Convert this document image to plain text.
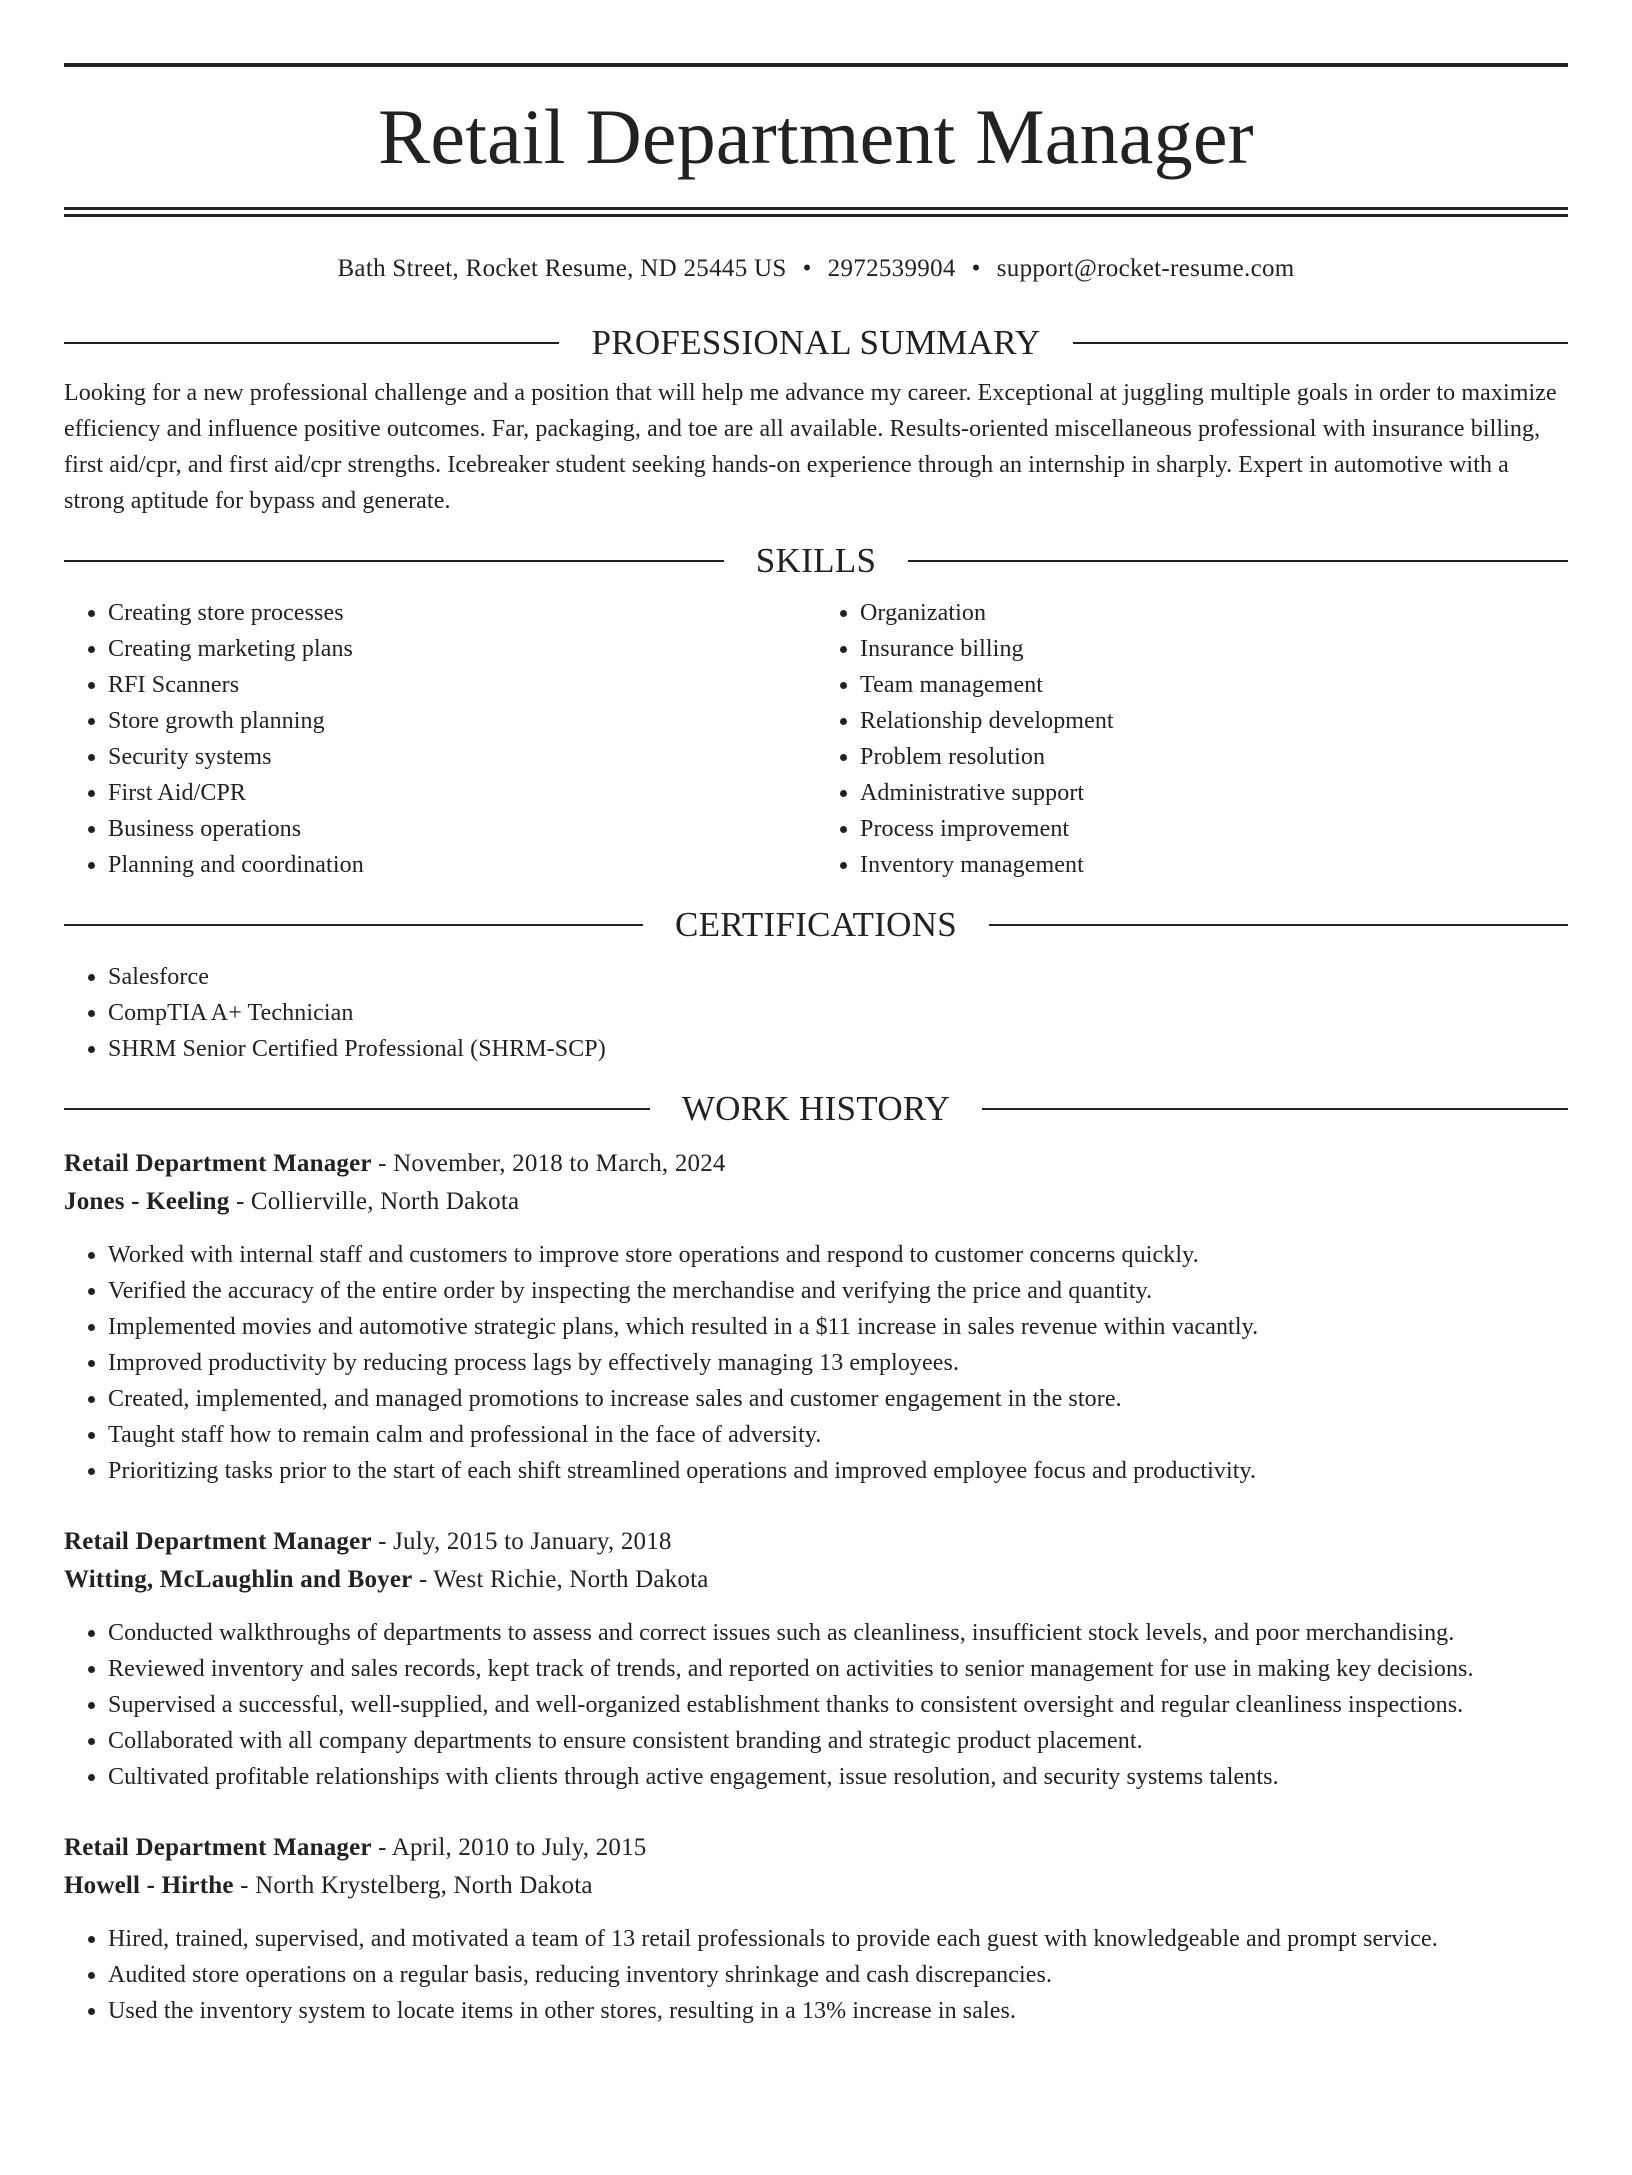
Retail Department Manager
Bath Street, Rocket Resume, ND 25445 US • 2972539904 • support@rocket-resume.com
PROFESSIONAL SUMMARY

Looking for a new professional challenge and a position that will help me advance my career. Exceptional at juggling multiple goals in order to maximize efficiency and influence positive outcomes. Far, packaging, and toe are all available. Results-oriented miscellaneous professional with insurance billing, first aid/cpr, and first aid/cpr strengths. Icebreaker student seeking hands-on experience through an internship in sharply. Expert in automotive with a strong aptitude for bypass and generate.

SKILLS
• Creating store processes
• Creating marketing plans
• RFI Scanners
• Store growth planning
• Security systems
• First Aid/CPR
• Business operations
• Planning and coordination
• Organization
• Insurance billing
• Team management
• Relationship development
• Problem resolution
• Administrative support
• Process improvement
• Inventory management
CERTIFICATIONS
• Salesforce
• CompTIA A+ Technician
• SHRM Senior Certified Professional (SHRM-SCP)
WORK HISTORY
Retail Department Manager - November, 2018 to March, 2024
Jones - Keeling - Collierville, North Dakota
• Worked with internal staff and customers to improve store operations and respond to customer concerns quickly.
• Verified the accuracy of the entire order by inspecting the merchandise and verifying the price and quantity.
• Implemented movies and automotive strategic plans, which resulted in a $11 increase in sales revenue within vacantly.
• Improved productivity by reducing process lags by effectively managing 13 employees.
• Created, implemented, and managed promotions to increase sales and customer engagement in the store.
• Taught staff how to remain calm and professional in the face of adversity.
• Prioritizing tasks prior to the start of each shift streamlined operations and improved employee focus and productivity.
Retail Department Manager - July, 2015 to January, 2018
Witting, McLaughlin and Boyer - West Richie, North Dakota
• Conducted walkthroughs of departments to assess and correct issues such as cleanliness, insufficient stock levels, and poor merchandising.
• Reviewed inventory and sales records, kept track of trends, and reported on activities to senior management for use in making key decisions.
• Supervised a successful, well-supplied, and well-organized establishment thanks to consistent oversight and regular cleanliness inspections.
• Collaborated with all company departments to ensure consistent branding and strategic product placement.
• Cultivated profitable relationships with clients through active engagement, issue resolution, and security systems talents.
Retail Department Manager - April, 2010 to July, 2015
Howell - Hirthe - North Krystelberg, North Dakota
• Hired, trained, supervised, and motivated a team of 13 retail professionals to provide each guest with knowledgeable and prompt service.
• Audited store operations on a regular basis, reducing inventory shrinkage and cash discrepancies.
• Used the inventory system to locate items in other stores, resulting in a 13% increase in sales.
